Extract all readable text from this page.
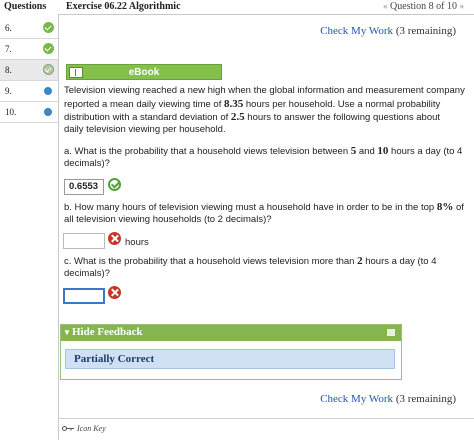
Questions Exercise 06.22 Algorithmic	« Question 8 of 10 »
6.
7.
8.
9.
10.
Check My Work (3 remaining)
eBook
Television viewing reached a new high when the global information and measurement company
reported a mean daily viewing time of 8.35 hours per household. Use a normal probability
distribution with a standard deviation of 2.5 hours to answer the following questions about
daily television viewing per household.
a. What is the probability that a household views television between 5 and 10 hours a day (to 4
decimals)?
0.6553
b. How many hours of television viewing must a household have in order to be in the top 8% of
all television viewing households (to 2 decimals)?
hours
c. What is the probability that a household views television more than 2 hours a day (to 4
decimals)?
▼ Hide Feedback
Partially Correct
Check My Work (3 remaining)
Icon Key
